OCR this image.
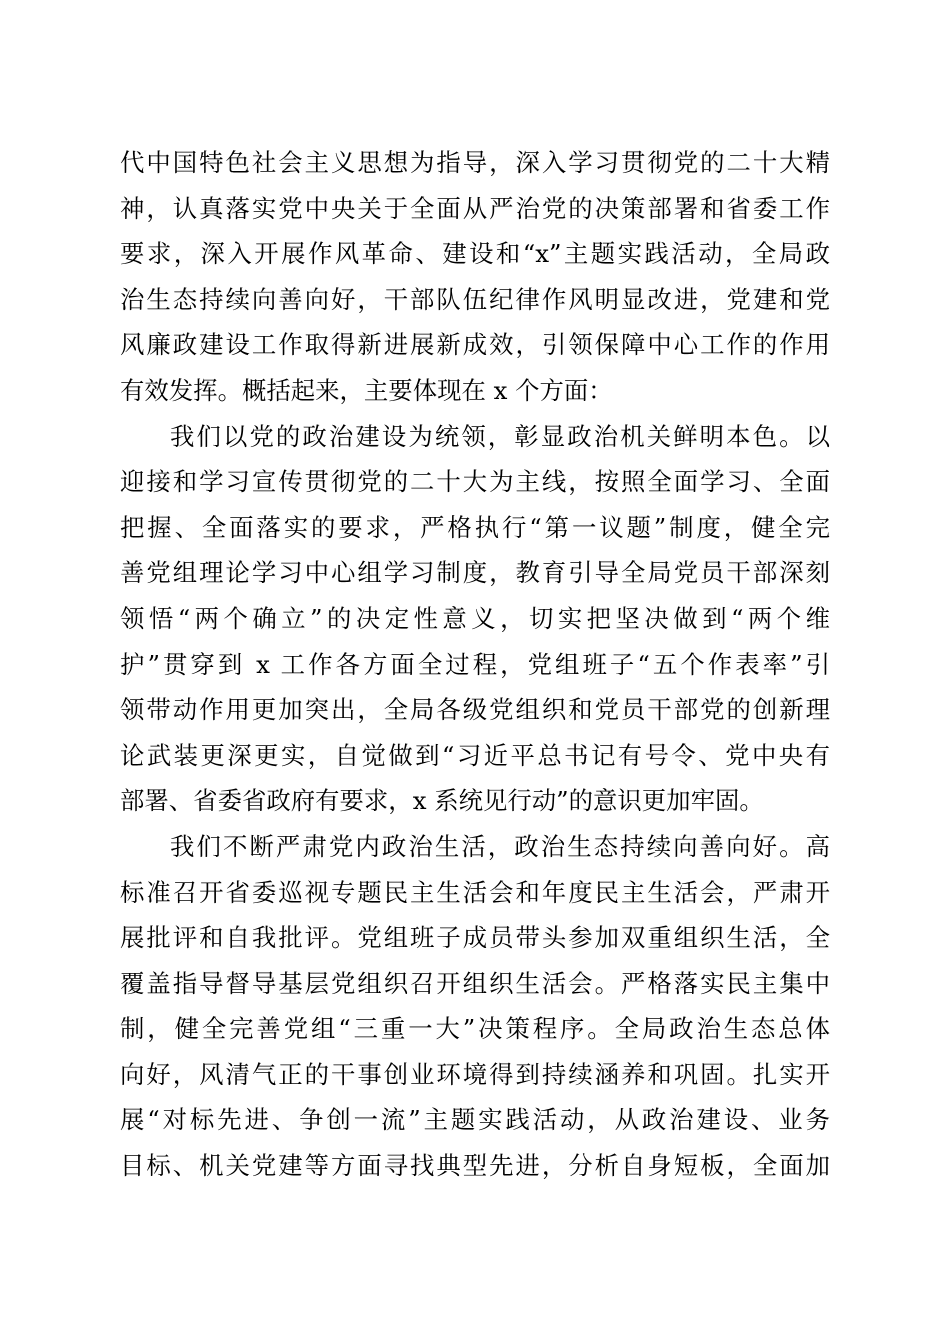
代中国特色社会主义思想为指导，深入学习贯彻党的二十大精
神，认真落实党中央关于全面从严治党的决策部署和省委工作
要求，深入开展作风革命、建设和“x”主题实践活动，全局政
治生态持续向善向好，干部队伍纪律作风明显改进，党建和党
风廉政建设工作取得新进展新成效，引领保障中心工作的作用
有效发挥。概括起来，主要体现在 x 个方面：
我们以党的政治建设为统领，彰显政治机关鲜明本色。以
迎接和学习宣传贯彻党的二十大为主线，按照全面学习、全面
把握、全面落实的要求，严格执行“第一议题”制度，健全完
善党组理论学习中心组学习制度，教育引导全局党员干部深刻
领悟“两个确立”的决定性意义，切实把坚决做到“两个维
护”贯穿到 x 工作各方面全过程，党组班子“五个作表率”引
领带动作用更加突出，全局各级党组织和党员干部党的创新理
论武装更深更实，自觉做到“习近平总书记有号令、党中央有
部署、省委省政府有要求，x 系统见行动”的意识更加牢固。
我们不断严肃党内政治生活，政治生态持续向善向好。高
标准召开省委巡视专题民主生活会和年度民主生活会，严肃开
展批评和自我批评。党组班子成员带头参加双重组织生活，全
覆盖指导督导基层党组织召开组织生活会。严格落实民主集中
制，健全完善党组“三重一大”决策程序。全局政治生态总体
向好，风清气正的干事创业环境得到持续涵养和巩固。扎实开
展“对标先进、争创一流”主题实践活动，从政治建设、业务
目标、机关党建等方面寻找典型先进，分析自身短板，全面加
